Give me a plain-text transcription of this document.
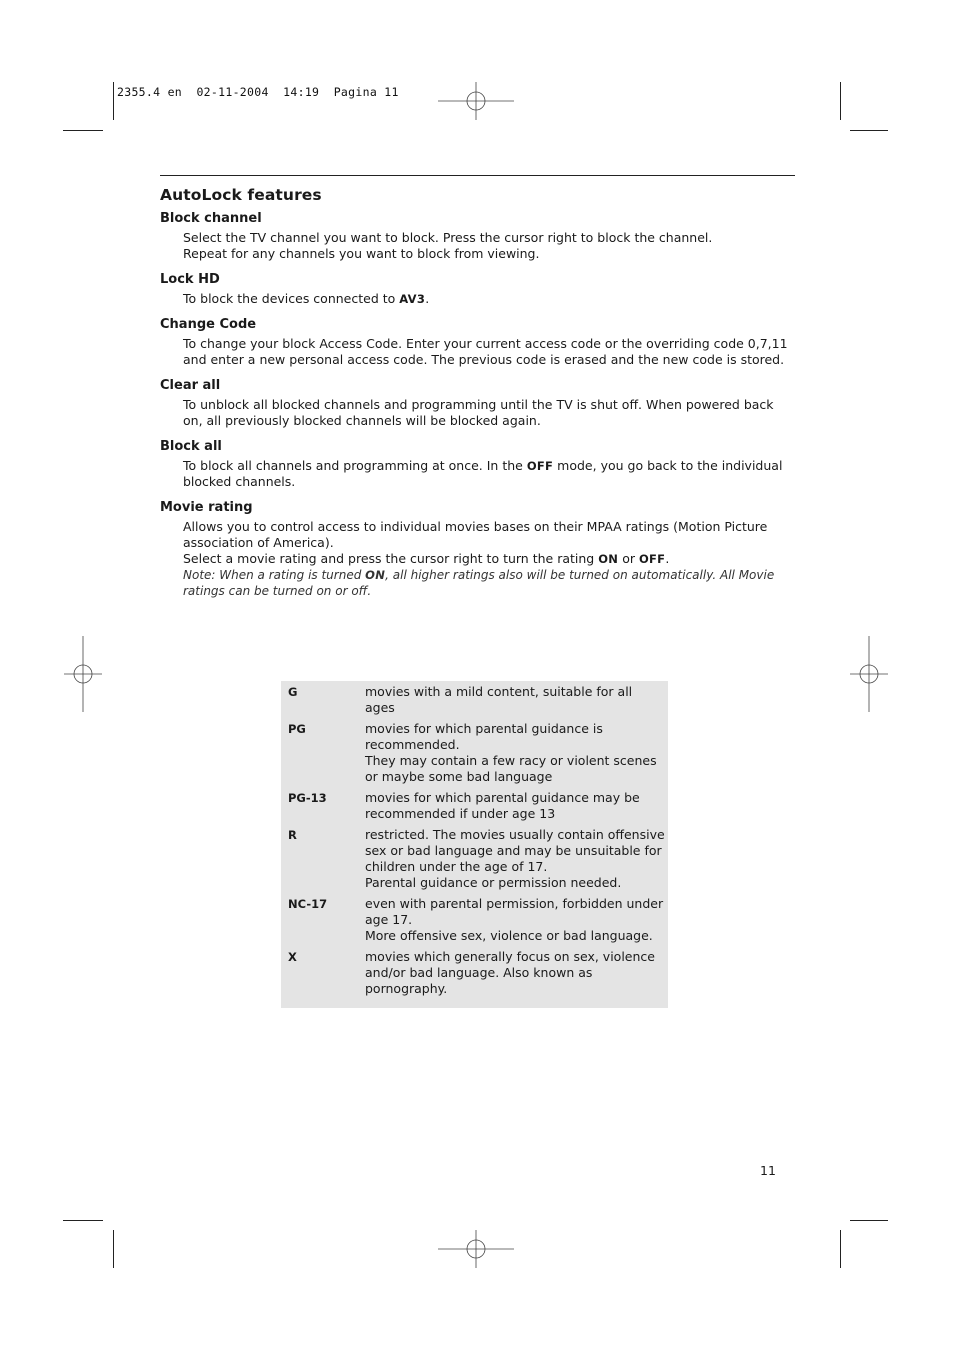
2355.4 en  02-11-2004  14:19  Pagina 11
AutoLock features
Block channel
Select the TV channel you want to block. Press the cursor right to block the channel.
Repeat for any channels you want to block from viewing.
Lock HD
To block the devices connected to AV3.
Change Code
To change your block Access Code. Enter your current access code or the overriding code 0,7,11 and enter a new personal access code. The previous code is erased and the new code is stored.
Clear all
To unblock all blocked channels and programming until the TV is shut off. When powered back on, all previously blocked channels will be blocked again.
Block all
To block all channels and programming at once. In the OFF mode, you go back to the individual blocked channels.
Movie rating
Allows you to control access to individual movies bases on their MPAA ratings (Motion Picture association of America).
Select a movie rating and press the cursor right to turn the rating ON or OFF.
Note: When a rating is turned ON, all higher ratings also will be turned on automatically. All Movie ratings can be turned on or off.
G	movies with a mild content, suitable for all ages
PG	movies for which parental guidance is recommended.
They may contain a few racy or violent scenes or maybe some bad language
PG-13	movies for which parental guidance may be recommended if under age 13
R	restricted. The movies usually contain offensive sex or bad language and may be unsuitable for children under the age of 17.
Parental guidance or permission needed.
NC-17	even with parental permission, forbidden under age 17.
More offensive sex, violence or bad language.
X	movies which generally focus on sex, violence and/or bad language. Also known as pornography.
11
